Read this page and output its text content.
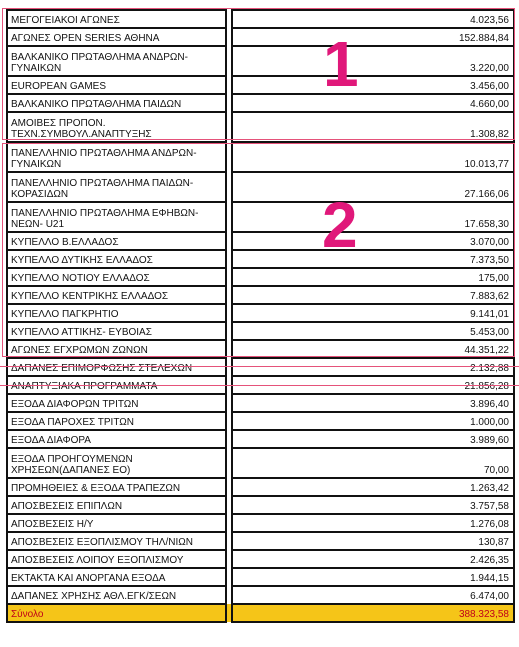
ΜΕΓΟΓΕΙΑΚΟΙ ΑΓΩΝΕΣ		4.023,56
ΑΓΩΝΕΣ OPEN SERIES ΑΘΗΝΑ		152.884,84
ΒΑΛΚΑΝΙΚΟ ΠΡΩΤΑΘΛΗΜΑ ΑΝΔΡΩΝ-ΓΥΝΑΙΚΩΝ		3.220,00
EUROPEAN GAMES		3.456,00
ΒΑΛΚΑΝΙΚΟ ΠΡΩΤΑΘΛΗΜΑ ΠΑΙΔΩΝ		4.660,00
ΑΜΟΙΒΕΣ ΠΡΟΠΟΝ. ΤΕΧΝ.ΣΥΜΒΟΥΛ.ΑΝΑΠΤΥΞΗΣ		1.308,82
ΠΑΝΕΛΛΗΝΙΟ ΠΡΩΤΑΘΛΗΜΑ ΑΝΔΡΩΝ-ΓΥΝΑΙΚΩΝ		10.013,77
ΠΑΝΕΛΛΗΝΙΟ ΠΡΩΤΑΘΛΗΜΑ ΠΑΙΔΩΝ-ΚΟΡΑΣΙΔΩΝ		27.166,06
ΠΑΝΕΛΛΗΝΙΟ ΠΡΩΤΑΘΛΗΜΑ ΕΦΗΒΩΝ-ΝΕΩΝ- U21		17.658,30
ΚΥΠΕΛΛΟ Β.ΕΛΛΑΔΟΣ		3.070,00
ΚΥΠΕΛΛΟ ΔΥΤΙΚΗΣ ΕΛΛΑΔΟΣ		7.373,50
ΚΥΠΕΛΛΟ ΝΟΤΙΟΥ ΕΛΛΑΔΟΣ		175,00
ΚΥΠΕΛΛΟ ΚΕΝΤΡΙΚΗΣ ΕΛΛΑΔΟΣ		7.883,62
ΚΥΠΕΛΛΟ ΠΑΓΚΡΗΤΙΟ		9.141,01
ΚΥΠΕΛΛΟ ΑΤΤΙΚΗΣ- ΕΥΒΟΙΑΣ		5.453,00
ΑΓΩΝΕΣ ΕΓΧΡΩΜΩΝ ΖΩΝΩΝ		44.351,22
ΔΑΠΑΝΕΣ ΕΠΙΜΟΡΦΩΣΗΣ ΣΤΕΛΕΧΩΝ		2.132,88
ΑΝΑΠΤΥΞΙΑΚΑ ΠΡΟΓΡΑΜΜΑΤΑ		21.856,28
ΕΞΟΔΑ ΔΙΑΦΟΡΩΝ ΤΡΙΤΩΝ		3.896,40
ΕΞΟΔΑ ΠΑΡΟΧΕΣ ΤΡΙΤΩΝ		1.000,00
ΕΞΟΔΑ ΔΙΑΦΟΡΑ		3.989,60
ΕΞΟΔΑ ΠΡΟΗΓΟΥΜΕΝΩΝ ΧΡΗΣΕΩΝ(ΔΑΠΑΝΕΣ ΕΟ)		70,00
ΠΡΟΜΗΘΕΙΕΣ & ΕΞΟΔΑ ΤΡΑΠΕΖΩΝ		1.263,42
ΑΠΟΣΒΕΣΕΙΣ ΕΠΙΠΛΩΝ		3.757,58
ΑΠΟΣΒΕΣΕΙΣ Η/Υ		1.276,08
ΑΠΟΣΒΕΣΕΙΣ ΕΞΟΠΛΙΣΜΟΥ ΤΗΛ/ΝΙΩΝ		130,87
ΑΠΟΣΒΕΣΕΙΣ ΛΟΙΠΟΥ ΕΞΟΠΛΙΣΜΟΥ		2.426,35
ΕΚΤΑΚΤΑ ΚΑΙ ΑΝΟΡΓΑΝΑ ΕΞΟΔΑ		1.944,15
ΔΑΠΑΝΕΣ ΧΡΗΣΗΣ ΑΘΛ.ΕΓΚ/ΣΕΩΝ		6.474,00
Σύνολο		388.323,58
1
2
